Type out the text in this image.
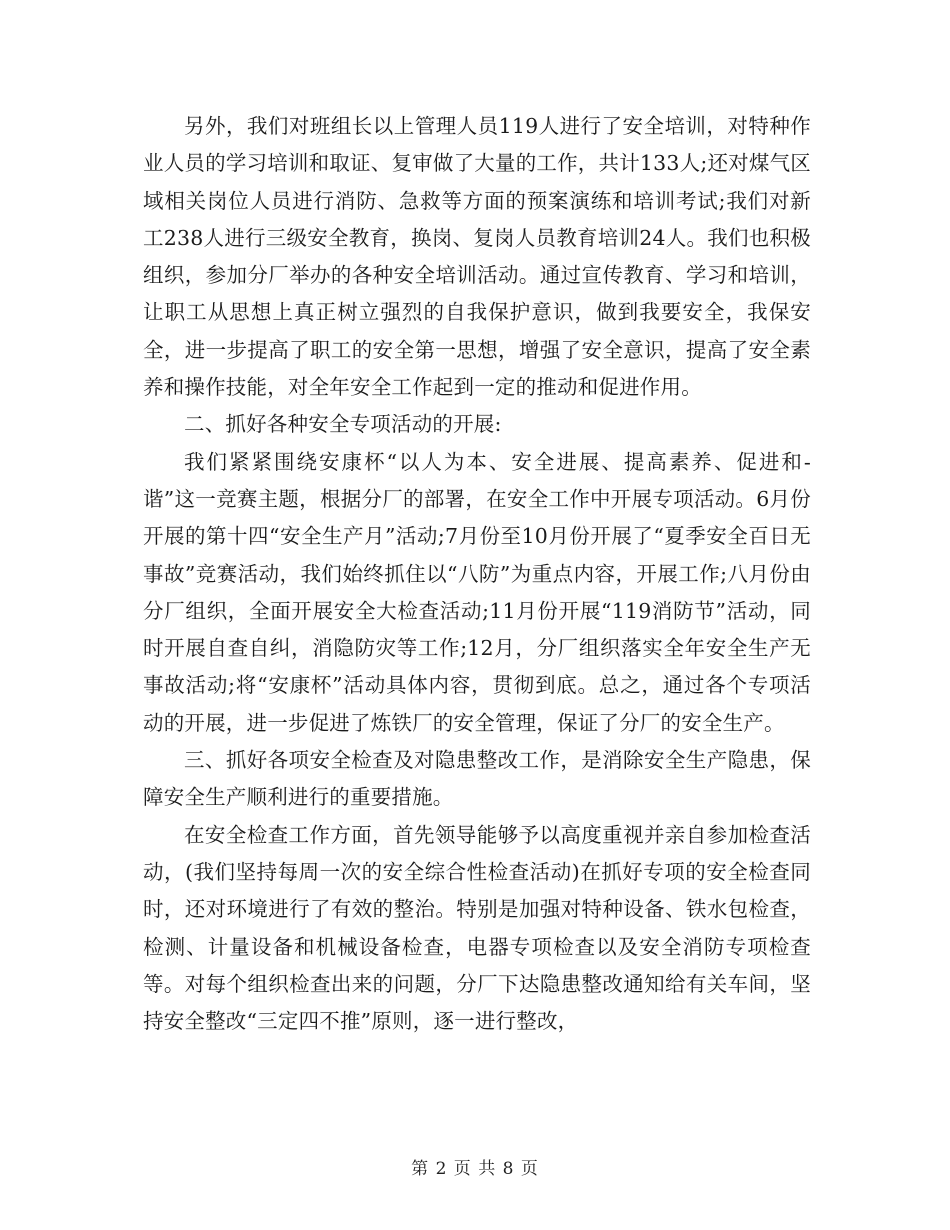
另外，我们对班组长以上管理人员119人进行了安全培训，对特种作业人员的学习培训和取证、复审做了大量的工作，共计133人;还对煤气区域相关岗位人员进行消防、急救等方面的预案演练和培训考试;我们对新工238人进行三级安全教育，换岗、复岗人员教育培训24人。我们也积极组织，参加分厂举办的各种安全培训活动。通过宣传教育、学习和培训，让职工从思想上真正树立强烈的自我保护意识，做到我要安全，我保安全，进一步提高了职工的安全第一思想，增强了安全意识，提高了安全素养和操作技能，对全年安全工作起到一定的推动和促进作用。

二、抓好各种安全专项活动的开展:

我们紧紧围绕安康杯“以人为本、安全进展、提高素养、促进和-谐”这一竞赛主题，根据分厂的部署，在安全工作中开展专项活动。6月份开展的第十四“安全生产月”活动;7月份至10月份开展了“夏季安全百日无事故”竞赛活动，我们始终抓住以“八防”为重点内容，开展工作;八月份由分厂组织，全面开展安全大检查活动;11月份开展“119消防节”活动，同时开展自查自纠，消隐防灾等工作;12月，分厂组织落实全年安全生产无事故活动;将“安康杯”活动具体内容，贯彻到底。总之，通过各个专项活动的开展，进一步促进了炼铁厂的安全管理，保证了分厂的安全生产。

三、抓好各项安全检查及对隐患整改工作，是消除安全生产隐患，保障安全生产顺利进行的重要措施。

在安全检查工作方面，首先领导能够予以高度重视并亲自参加检查活动，(我们坚持每周一次的安全综合性检查活动)在抓好专项的安全检查同时，还对环境进行了有效的整治。特别是加强对特种设备、铁水包检查，检测、计量设备和机械设备检查，电器专项检查以及安全消防专项检查等。对每个组织检查出来的问题，分厂下达隐患整改通知给有关车间，坚持安全整改“三定四不推”原则，逐一进行整改，

第 2 页 共 8 页
